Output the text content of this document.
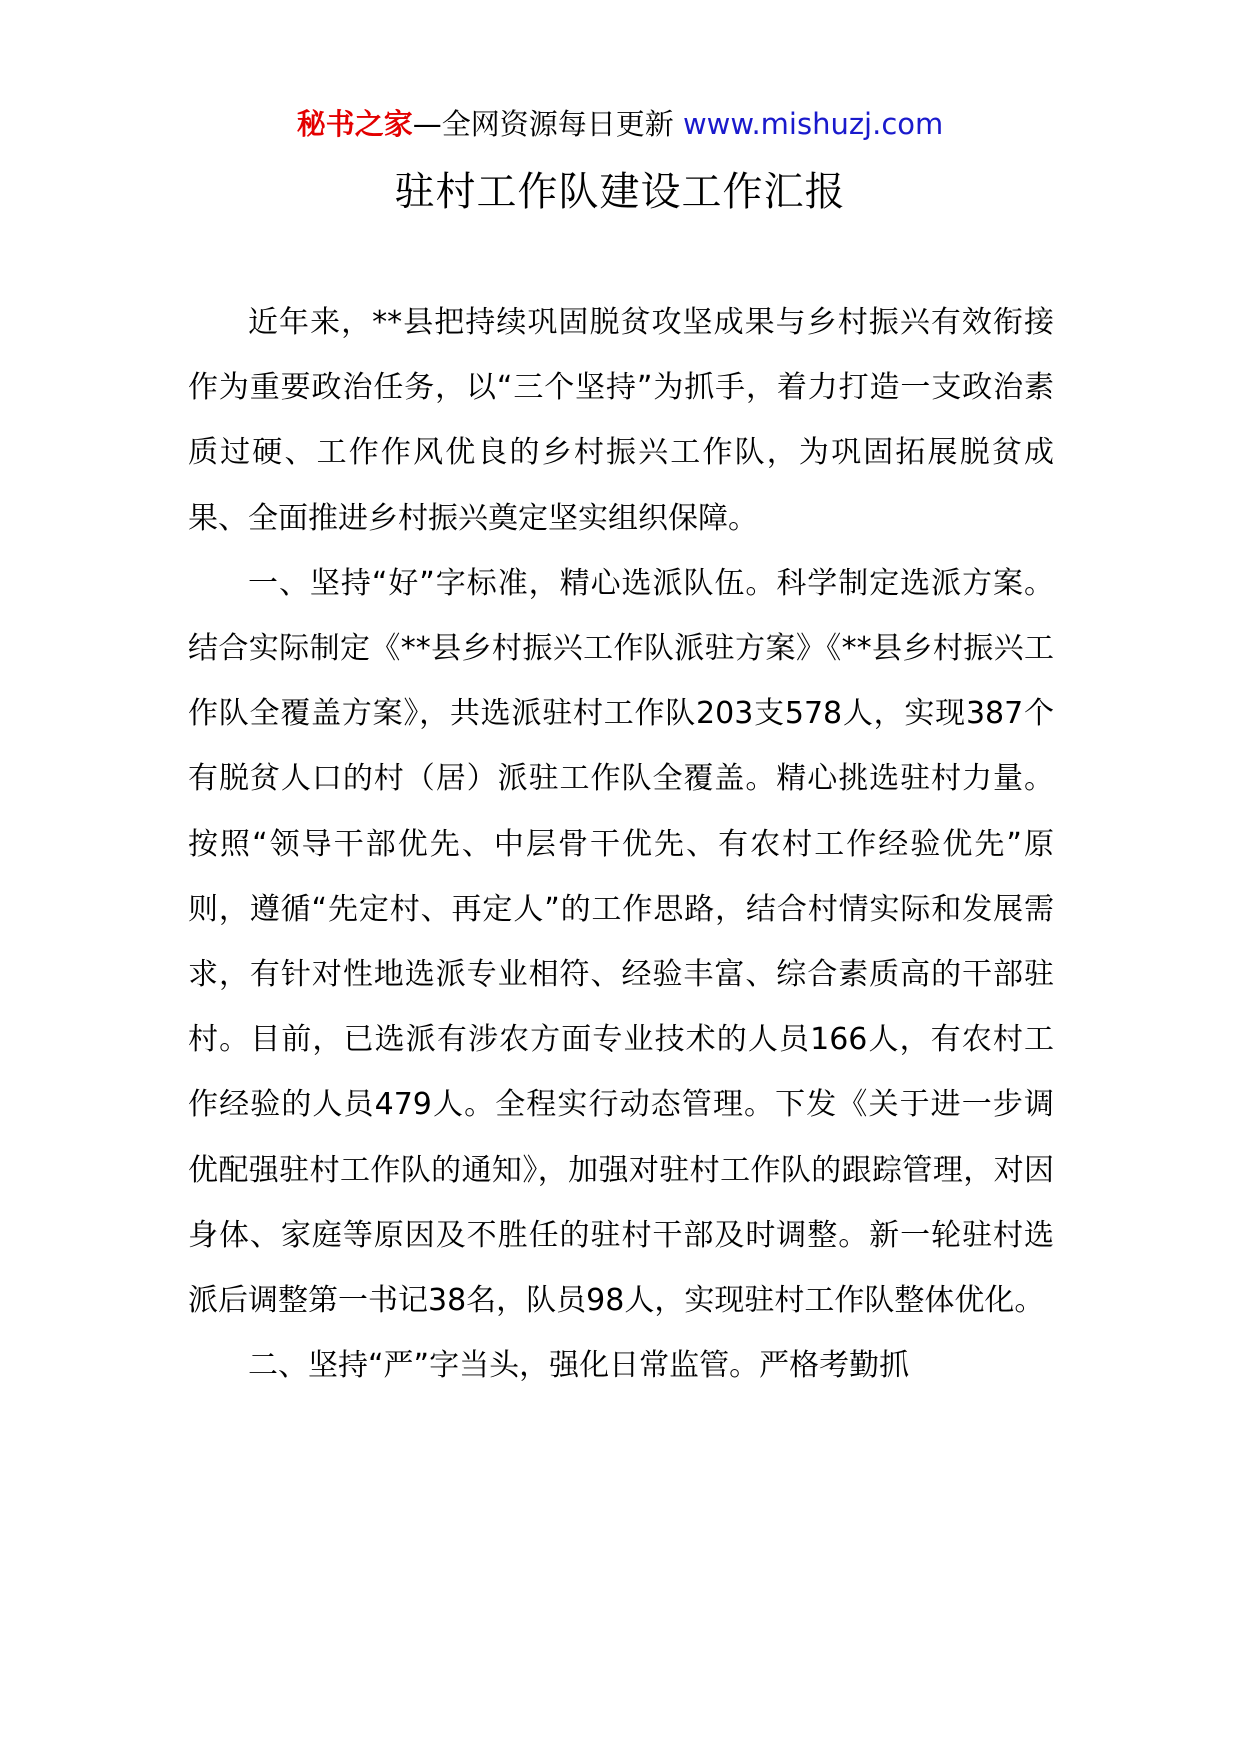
秘书之家—全网资源每日更新 www.mishuzj.com
驻村工作队建设工作汇报

近年来，**县把持续巩固脱贫攻坚成果与乡村振兴有效衔接作为重要政治任务，以“三个坚持”为抓手，着力打造一支政治素质过硬、工作作风优良的乡村振兴工作队，为巩固拓展脱贫成果、全面推进乡村振兴奠定坚实组织保障。

一、坚持“好”字标准，精心选派队伍。科学制定选派方案。结合实际制定《**县乡村振兴工作队派驻方案》《**县乡村振兴工作队全覆盖方案》，共选派驻村工作队203支578人，实现387个有脱贫人口的村（居）派驻工作队全覆盖。精心挑选驻村力量。按照“领导干部优先、中层骨干优先、有农村工作经验优先”原则，遵循“先定村、再定人”的工作思路，结合村情实际和发展需求，有针对性地选派专业相符、经验丰富、综合素质高的干部驻村。目前，已选派有涉农方面专业技术的人员166人，有农村工作经验的人员479人。全程实行动态管理。下发《关于进一步调优配强驻村工作队的通知》，加强对驻村工作队的跟踪管理，对因身体、家庭等原因及不胜任的驻村干部及时调整。新一轮驻村选派后调整第一书记38名，队员98人，实现驻村工作队整体优化。

二、坚持“严”字当头，强化日常监管。严格考勤抓
